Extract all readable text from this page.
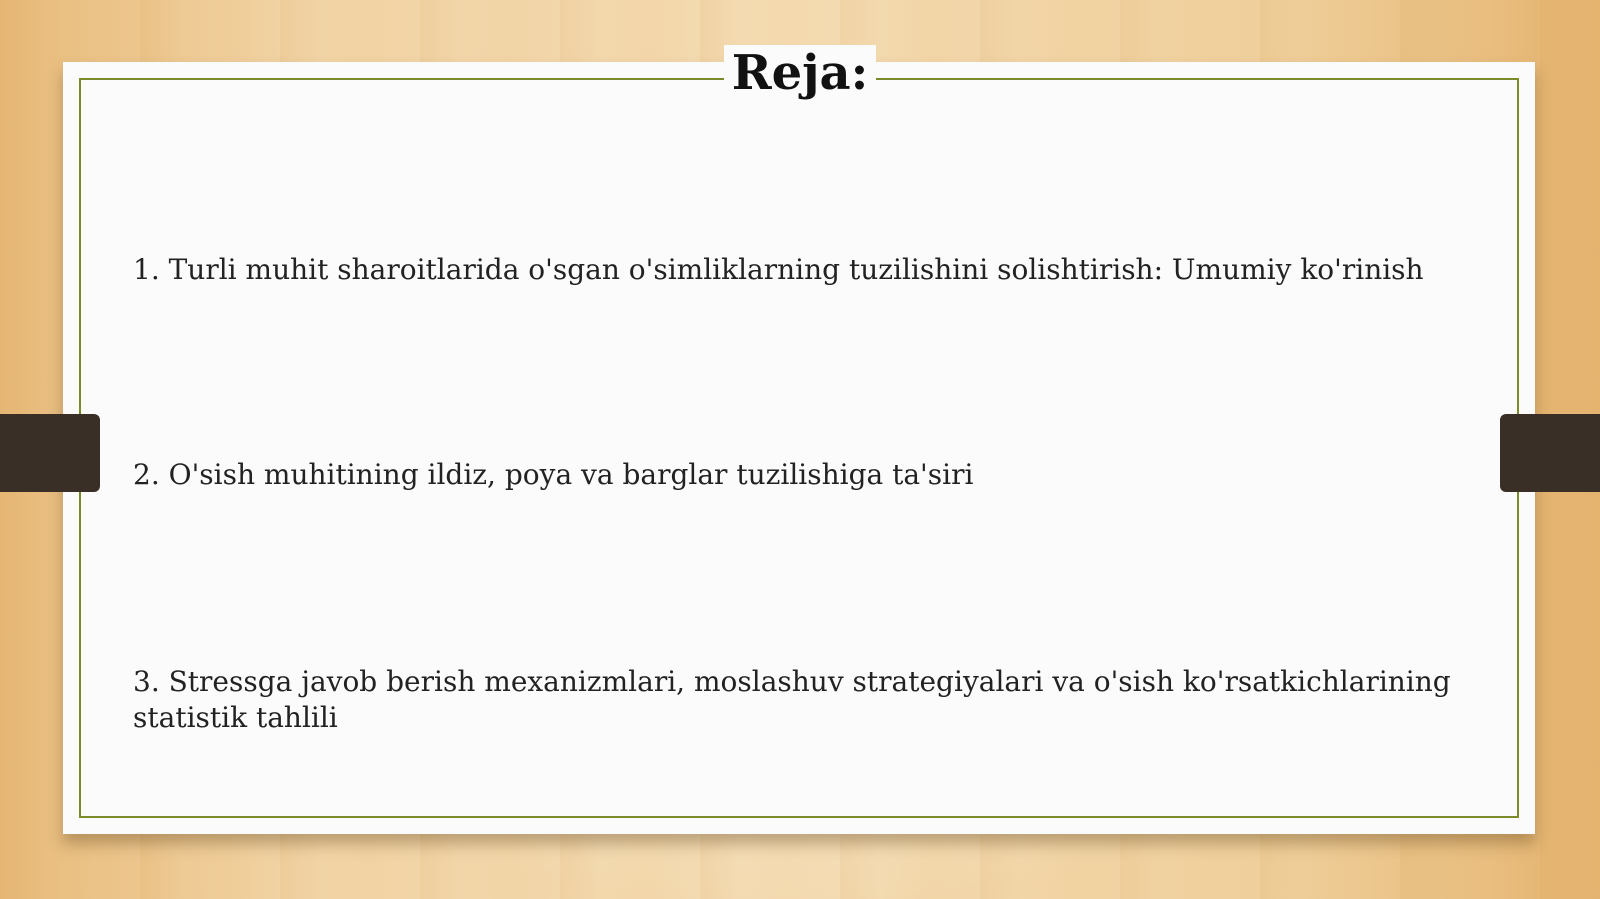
Reja:

1. Turli muhit sharoitlarida o'sgan o'simliklarning tuzilishini solishtirish: Umumiy ko'rinish

2. O'sish muhitining ildiz, poya va barglar tuzilishiga ta'siri

3. Stressga javob berish mexanizmlari, moslashuv strategiyalari va o'sish ko'rsatkichlarining statistik tahlili
